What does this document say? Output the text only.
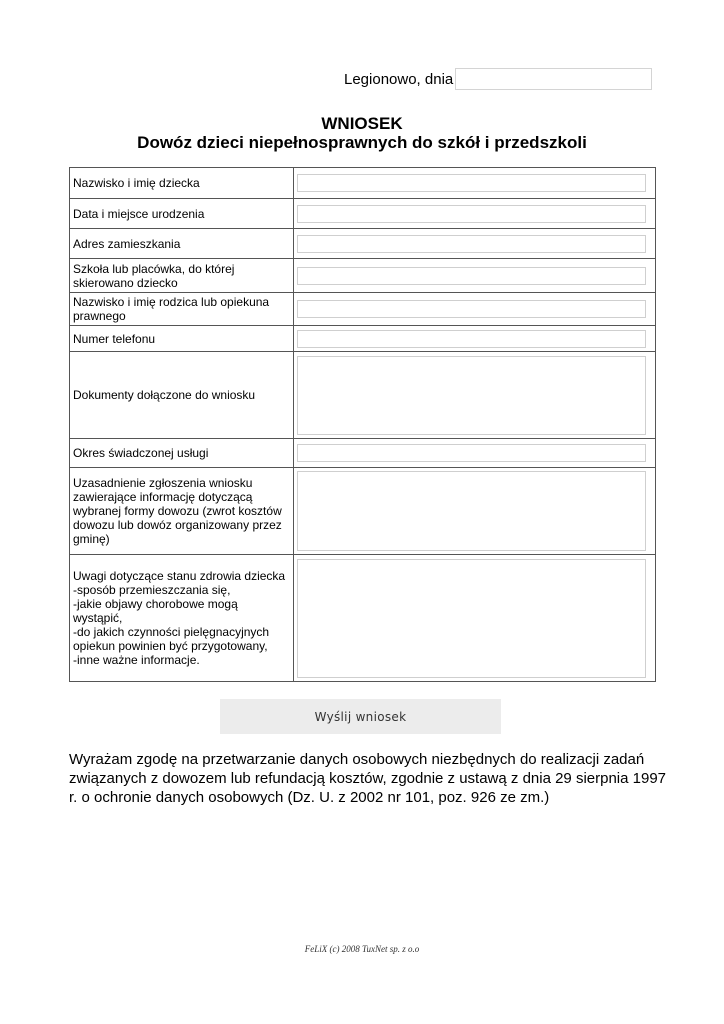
Legionowo, dnia
WNIOSEK
Dowóz dzieci niepełnosprawnych do szkół i przedszkoli
Nazwisko i imię dziecka	

Data i miejsce urodzenia	

Adres zamieszkania	

Szkoła lub placówka, do której skierowano dziecko	

Nazwisko i imię rodzica lub opiekuna prawnego	

Numer telefonu	

Dokumenty dołączone do wniosku	

Okres świadczonej usługi	

Uzasadnienie zgłoszenia wniosku zawierające informację dotyczącą wybranej formy dowozu (zwrot kosztów dowozu lub dowóz organizowany przez gminę)	

Uwagi dotyczące stanu zdrowia dziecka
-sposób przemieszczania się,
-jakie objawy chorobowe mogą wystąpić,
-do jakich czynności pielęgnacyjnych opiekun powinien być przygotowany,
-inne ważne informacje.	
Wyślij wniosek
Wyrażam zgodę na przetwarzanie danych osobowych niezbędnych do realizacji zadań związanych z dowozem lub refundacją kosztów, zgodnie z ustawą z dnia 29 sierpnia 1997 r. o ochronie danych osobowych (Dz. U. z 2002 nr 101, poz. 926 ze zm.)
FeLiX (c) 2008 TuxNet sp. z o.o
